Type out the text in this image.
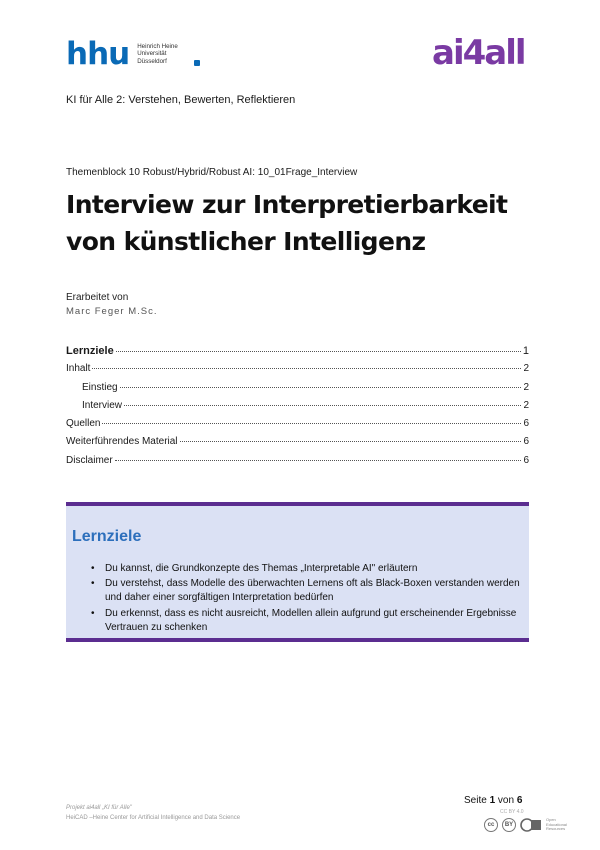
hhu Heinrich Heine
Universität
Düsseldorf	ai4all
KI für Alle 2: Verstehen, Bewerten, Reflektieren
Themenblock 10 Robust/Hybrid/Robust AI: 10_01Frage_Interview
Interview zur Interpretierbarkeit von künstlicher Intelligenz
Erarbeitet von
Marc Feger M.Sc.
Lernziele	1
Inhalt	2
Einstieg	2
Interview	2
Quellen	6
Weiterführendes Material	6
Disclaimer	6
Lernziele
• Du kannst, die Grundkonzepte des Themas „Interpretable AI" erläutern
• Du verstehst, dass Modelle des überwachten Lernens oft als Black-Boxen verstanden werden und daher einer sorgfältigen Interpretation bedürfen
• Du erkennst, dass es nicht ausreicht, Modellen allein aufgrund gut erscheinender Ergebnisse Vertrauen zu schenken
Seite 1 von 6
Projekt ai4all „KI für Alle"
HeiCAD –Heine Center for Artificial Intelligence and Data Science
CC BY 4.0
cc	BY
Open
Educational
Resources
